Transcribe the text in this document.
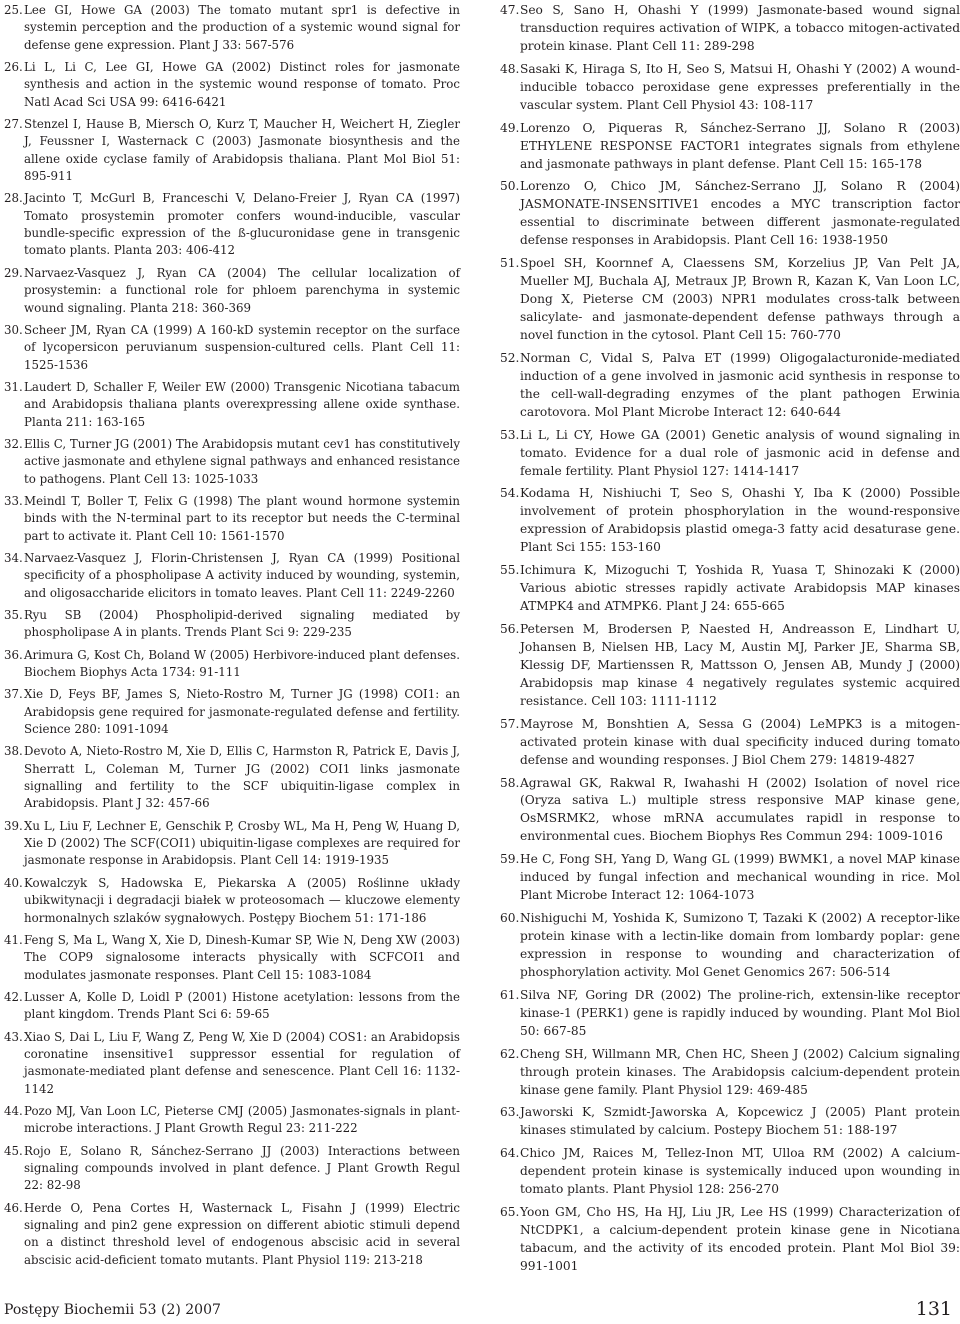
25. Lee GI, Howe GA (2003) The tomato mutant spr1 is defective in systemin perception and the production of a systemic wound signal for defense gene expression. Plant J 33: 567-576
26. Li L, Li C, Lee GI, Howe GA (2002) Distinct roles for jasmonate synthesis and action in the systemic wound response of tomato. Proc Natl Acad Sci USA 99: 6416-6421
27. Stenzel I, Hause B, Miersch O, Kurz T, Maucher H, Weichert H, Ziegler J, Feussner I, Wasternack C (2003) Jasmonate biosynthesis and the allene oxide cyclase family of Arabidopsis thaliana. Plant Mol Biol 51: 895-911
28. Jacinto T, McGurl B, Franceschi V, Delano-Freier J, Ryan CA (1997) Tomato prosystemin promoter confers wound-inducible, vascular bundle-specific expression of the ß-glucuronidase gene in transgenic tomato plants. Planta 203: 406-412
29. Narvaez-Vasquez J, Ryan CA (2004) The cellular localization of prosystemin: a functional role for phloem parenchyma in systemic wound signaling. Planta 218: 360-369
30. Scheer JM, Ryan CA (1999) A 160-kD systemin receptor on the surface of lycopersicon peruvianum suspension-cultured cells. Plant Cell 11: 1525-1536
31. Laudert D, Schaller F, Weiler EW (2000) Transgenic Nicotiana tabacum and Arabidopsis thaliana plants overexpressing allene oxide synthase. Planta 211: 163-165
32. Ellis C, Turner JG (2001) The Arabidopsis mutant cev1 has constitutively active jasmonate and ethylene signal pathways and enhanced resistance to pathogens. Plant Cell 13: 1025-1033
33. Meindl T, Boller T, Felix G (1998) The plant wound hormone systemin binds with the N-terminal part to its receptor but needs the C-terminal part to activate it. Plant Cell 10: 1561-1570
34. Narvaez-Vasquez J, Florin-Christensen J, Ryan CA (1999) Positional specificity of a phospholipase A activity induced by wounding, systemin, and oligosaccharide elicitors in tomato leaves. Plant Cell 11: 2249-2260
35. Ryu SB (2004) Phospholipid-derived signaling mediated by phospholipase A in plants. Trends Plant Sci 9: 229-235
36. Arimura G, Kost Ch, Boland W (2005) Herbivore-induced plant defenses. Biochem Biophys Acta 1734: 91-111
37. Xie D, Feys BF, James S, Nieto-Rostro M, Turner JG (1998) COI1: an Arabidopsis gene required for jasmonate-regulated defense and fertility. Science 280: 1091-1094
38. Devoto A, Nieto-Rostro M, Xie D, Ellis C, Harmston R, Patrick E, Davis J, Sherratt L, Coleman M, Turner JG (2002) COI1 links jasmonate signalling and fertility to the SCF ubiquitin-ligase complex in Arabidopsis. Plant J 32: 457-66
39. Xu L, Liu F, Lechner E, Genschik P, Crosby WL, Ma H, Peng W, Huang D, Xie D (2002) The SCF(COI1) ubiquitin-ligase complexes are required for jasmonate response in Arabidopsis. Plant Cell 14: 1919-1935
40. Kowalczyk S, Hadowska E, Piekarska A (2005) Roślinne układy ubikwitynacji i degradacji białek w proteosomach — kluczowe elementy hormonalnych szlaków sygnałowych. Postępy Biochem 51: 171-186
41. Feng S, Ma L, Wang X, Xie D, Dinesh-Kumar SP, Wie N, Deng XW (2003) The COP9 signalosome interacts physically with SCFCOI1 and modulates jasmonate responses. Plant Cell 15: 1083-1084
42. Lusser A, Kolle D, Loidl P (2001) Histone acetylation: lessons from the plant kingdom. Trends Plant Sci 6: 59-65
43. Xiao S, Dai L, Liu F, Wang Z, Peng W, Xie D (2004) COS1: an Arabidopsis coronatine insensitive1 suppressor essential for regulation of jasmonate-mediated plant defense and senescence. Plant Cell 16: 1132-1142
44. Pozo MJ, Van Loon LC, Pieterse CMJ (2005) Jasmonates-signals in plant-microbe interactions. J Plant Growth Regul 23: 211-222
45. Rojo E, Solano R, Sánchez-Serrano JJ (2003) Interactions between signaling compounds involved in plant defence. J Plant Growth Regul 22: 82-98
46. Herde O, Pena Cortes H, Wasternack L, Fisahn J (1999) Electric signaling and pin2 gene expression on different abiotic stimuli depend on a distinct threshold level of endogenous abscisic acid in several abscisic acid-deficient tomato mutants. Plant Physiol 119: 213-218
47. Seo S, Sano H, Ohashi Y (1999) Jasmonate-based wound signal transduction requires activation of WIPK, a tobacco mitogen-activated protein kinase. Plant Cell 11: 289-298
48. Sasaki K, Hiraga S, Ito H, Seo S, Matsui H, Ohashi Y (2002) A wound-inducible tobacco peroxidase gene expresses preferentially in the vascular system. Plant Cell Physiol 43: 108-117
49. Lorenzo O, Piqueras R, Sánchez-Serrano JJ, Solano R (2003) ETHYLENE RESPONSE FACTOR1 integrates signals from ethylene and jasmonate pathways in plant defense. Plant Cell 15: 165-178
50. Lorenzo O, Chico JM, Sánchez-Serrano JJ, Solano R (2004) JASMONATE-INSENSITIVE1 encodes a MYC transcription factor essential to discriminate between different jasmonate-regulated defense responses in Arabidopsis. Plant Cell 16: 1938-1950
51. Spoel SH, Koornnef A, Claessens SM, Korzelius JP, Van Pelt JA, Mueller MJ, Buchala AJ, Metraux JP, Brown R, Kazan K, Van Loon LC, Dong X, Pieterse CM (2003) NPR1 modulates cross-talk between salicylate- and jasmonate-dependent defense pathways through a novel function in the cytosol. Plant Cell 15: 760-770
52. Norman C, Vidal S, Palva ET (1999) Oligogalacturonide-mediated induction of a gene involved in jasmonic acid synthesis in response to the cell-wall-degrading enzymes of the plant pathogen Erwinia carotovora. Mol Plant Microbe Interact 12: 640-644
53. Li L, Li CY, Howe GA (2001) Genetic analysis of wound signaling in tomato. Evidence for a dual role of jasmonic acid in defense and female fertility. Plant Physiol 127: 1414-1417
54. Kodama H, Nishiuchi T, Seo S, Ohashi Y, Iba K (2000) Possible involvement of protein phosphorylation in the wound-responsive expression of Arabidopsis plastid omega-3 fatty acid desaturase gene. Plant Sci 155: 153-160
55. Ichimura K, Mizoguchi T, Yoshida R, Yuasa T, Shinozaki K (2000) Various abiotic stresses rapidly activate Arabidopsis MAP kinases ATMPK4 and ATMPK6. Plant J 24: 655-665
56. Petersen M, Brodersen P, Naested H, Andreasson E, Lindhart U, Johansen B, Nielsen HB, Lacy M, Austin MJ, Parker JE, Sharma SB, Klessig DF, Martienssen R, Mattsson O, Jensen AB, Mundy J (2000) Arabidopsis map kinase 4 negatively regulates systemic acquired resistance. Cell 103: 1111-1112
57. Mayrose M, Bonshtien A, Sessa G (2004) LeMPK3 is a mitogen-activated protein kinase with dual specificity induced during tomato defense and wounding responses. J Biol Chem 279: 14819-4827
58. Agrawal GK, Rakwal R, Iwahashi H (2002) Isolation of novel rice (Oryza sativa L.) multiple stress responsive MAP kinase gene, OsMSRMK2, whose mRNA accumulates rapidl in response to environmental cues. Biochem Biophys Res Commun 294: 1009-1016
59. He C, Fong SH, Yang D, Wang GL (1999) BWMK1, a novel MAP kinase induced by fungal infection and mechanical wounding in rice. Mol Plant Microbe Interact 12: 1064-1073
60. Nishiguchi M, Yoshida K, Sumizono T, Tazaki K (2002) A receptor-like protein kinase with a lectin-like domain from lombardy poplar: gene expression in response to wounding and characterization of phosphorylation activity. Mol Genet Genomics 267: 506-514
61. Silva NF, Goring DR (2002) The proline-rich, extensin-like receptor kinase-1 (PERK1) gene is rapidly induced by wounding. Plant Mol Biol 50: 667-85
62. Cheng SH, Willmann MR, Chen HC, Sheen J (2002) Calcium signaling through protein kinases. The Arabidopsis calcium-dependent protein kinase gene family. Plant Physiol 129: 469-485
63. Jaworski K, Szmidt-Jaworska A, Kopcewicz J (2005) Plant protein kinases stimulated by calcium. Postepy Biochem 51: 188-197
64. Chico JM, Raices M, Tellez-Inon MT, Ulloa RM (2002) A calcium-dependent protein kinase is systemically induced upon wounding in tomato plants. Plant Physiol 128: 256-270
65. Yoon GM, Cho HS, Ha HJ, Liu JR, Lee HS (1999) Characterization of NtCDPK1, a calcium-dependent protein kinase gene in Nicotiana tabacum, and the activity of its encoded protein. Plant Mol Biol 39: 991-1001
Postępy Biochemii 53 (2) 2007	131
